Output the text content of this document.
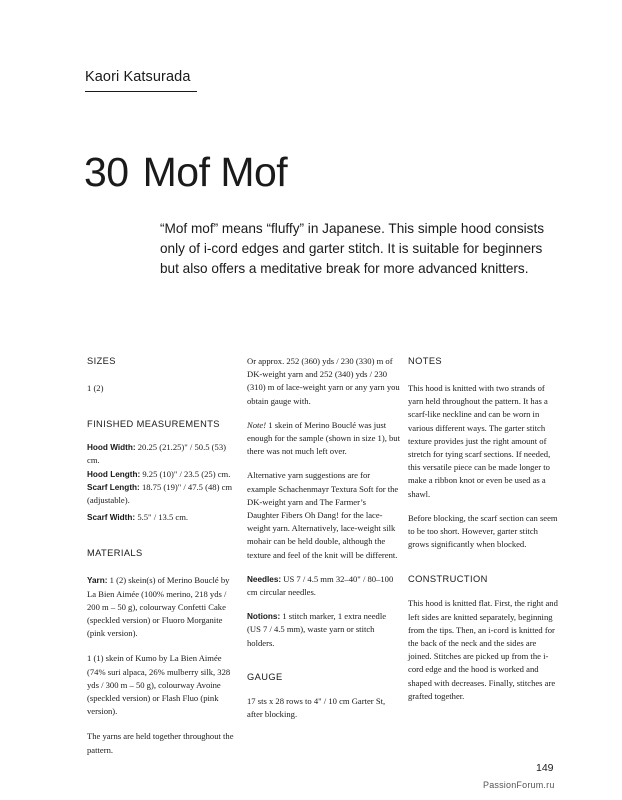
Kaori Katsurada
30 Mof Mof
“Mof mof” means “fluffy” in Japanese. This simple hood consists only of i-cord edges and garter stitch. It is suitable for beginners but also offers a meditative break for more advanced knitters.
SIZES

1 (2)

FINISHED MEASUREMENTS

Hood Width: 20.25 (21.25)" / 50.5 (53) cm.

Hood Length: 9.25 (10)" / 23.5 (25) cm.

Scarf Length: 18.75 (19)" / 47.5 (48) cm (adjustable).

Scarf Width: 5.5" / 13.5 cm.

MATERIALS

Yarn: 1 (2) skein(s) of Merino Bouclé by La Bien Aimée (100% merino, 218 yds / 200 m – 50 g), colourway Confetti Cake (speckled version) or Fluoro Morganite (pink version).

1 (1) skein of Kumo by La Bien Aimée (74% suri alpaca, 26% mulberry silk, 328 yds / 300 m – 50 g), colourway Avoine (speckled version) or Flash Fluo (pink version).

The yarns are held together throughout the pattern.

Or approx. 252 (360) yds / 230 (330) m of DK-weight yarn and 252 (340) yds / 230 (310) m of lace-weight yarn or any yarn you obtain gauge with.

Note! 1 skein of Merino Bouclé was just enough for the sample (shown in size 1), but there was not much left over.

Alternative yarn suggestions are for example Schachenmayr Textura Soft for the DK-weight yarn and The Farmer’s Daughter Fibers Oh Dang! for the lace-weight yarn. Alternatively, lace-weight silk mohair can be held double, although the texture and feel of the knit will be different.

Needles: US 7 / 4.5 mm 32–40" / 80–100 cm circular needles.

Notions: 1 stitch marker, 1 extra needle (US 7 / 4.5 mm), waste yarn or stitch holders.

GAUGE

17 sts x 28 rows to 4" / 10 cm Garter St, after blocking.

NOTES

This hood is knitted with two strands of yarn held throughout the pattern. It has a scarf-like neckline and can be worn in various different ways. The garter stitch texture provides just the right amount of stretch for tying scarf sections. If needed, this versatile piece can be made longer to make a ribbon knot or even be used as a shawl.

Before blocking, the scarf section can seem to be too short. However, garter stitch grows significantly when blocked.

CONSTRUCTION

This hood is knitted flat. First, the right and left sides are knitted separately, beginning from the tips. Then, an i-cord is knitted for the back of the neck and the sides are joined. Stitches are picked up from the i-cord edge and the hood is worked and shaped with decreases. Finally, stitches are grafted together.

149
PassionForum.ru
